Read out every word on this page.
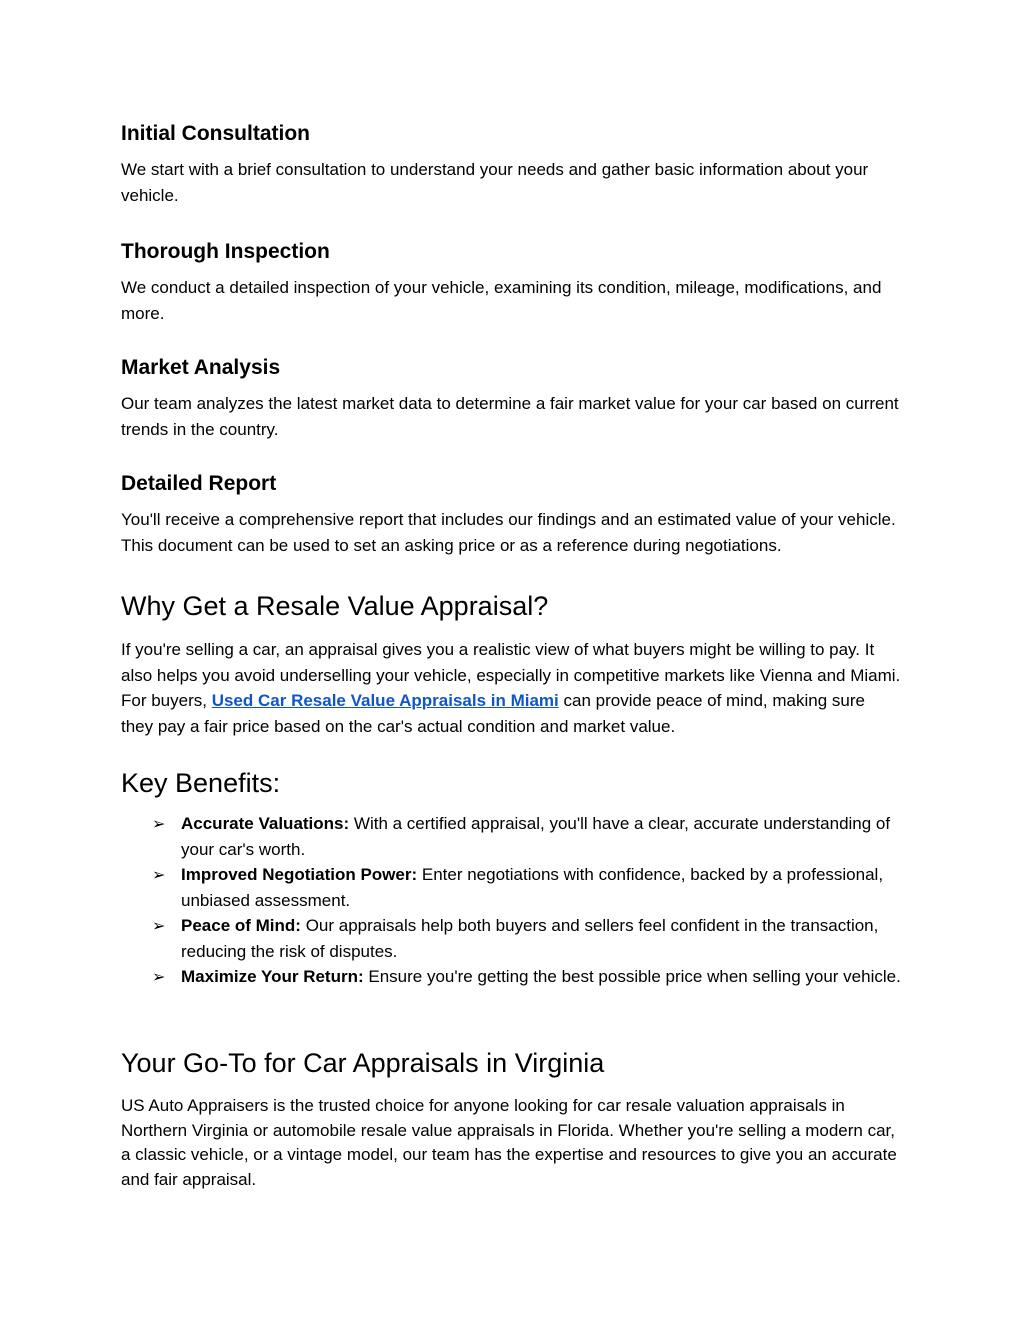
Initial Consultation

We start with a brief consultation to understand your needs and gather basic information about your vehicle.

Thorough Inspection

We conduct a detailed inspection of your vehicle, examining its condition, mileage, modifications, and more.

Market Analysis

Our team analyzes the latest market data to determine a fair market value for your car based on current trends in the country.

Detailed Report

You'll receive a comprehensive report that includes our findings and an estimated value of your vehicle. This document can be used to set an asking price or as a reference during negotiations.

Why Get a Resale Value Appraisal?

If you're selling a car, an appraisal gives you a realistic view of what buyers might be willing to pay. It also helps you avoid underselling your vehicle, especially in competitive markets like Vienna and Miami. For buyers, Used Car Resale Value Appraisals in Miami can provide peace of mind, making sure they pay a fair price based on the car's actual condition and market value.

Key Benefits:
➢ Accurate Valuations: With a certified appraisal, you'll have a clear, accurate understanding of your car's worth.
➢ Improved Negotiation Power: Enter negotiations with confidence, backed by a professional, unbiased assessment.
➢ Peace of Mind: Our appraisals help both buyers and sellers feel confident in the transaction, reducing the risk of disputes.
➢ Maximize Your Return: Ensure you're getting the best possible price when selling your vehicle.
Your Go-To for Car Appraisals in Virginia

US Auto Appraisers is the trusted choice for anyone looking for car resale valuation appraisals in Northern Virginia or automobile resale value appraisals in Florida. Whether you're selling a modern car, a classic vehicle, or a vintage model, our team has the expertise and resources to give you an accurate and fair appraisal.
